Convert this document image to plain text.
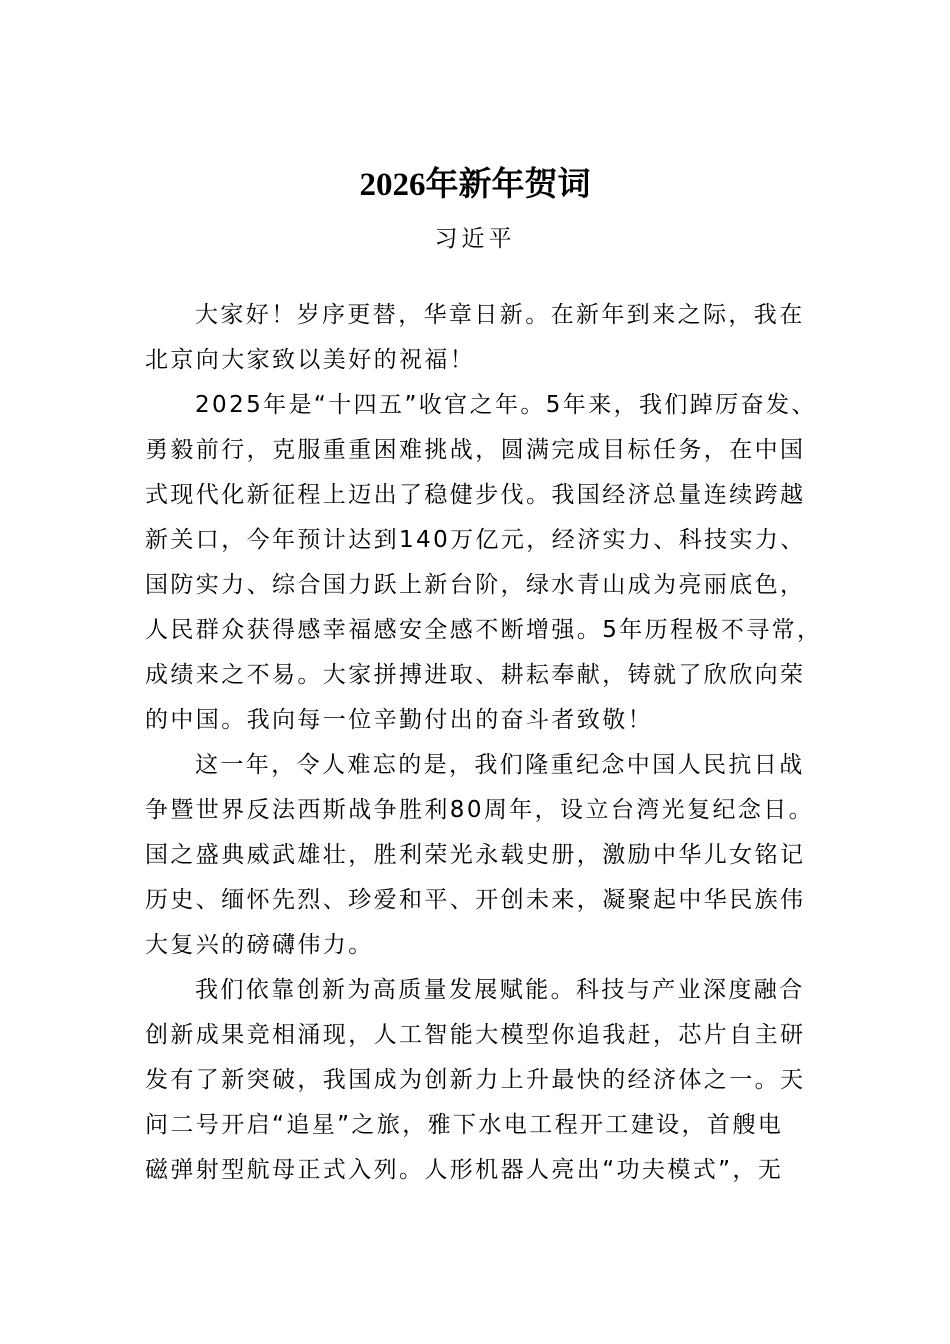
2026年新年贺词
习近平
大家好！岁序更替，华章日新。在新年到来之际，我在
北京向大家致以美好的祝福！
2025年是“十四五”收官之年。5年来，我们踔厉奋发、
勇毅前行，克服重重困难挑战，圆满完成目标任务，在中国
式现代化新征程上迈出了稳健步伐。我国经济总量连续跨越
新关口，今年预计达到140万亿元，经济实力、科技实力、
国防实力、综合国力跃上新台阶，绿水青山成为亮丽底色，
人民群众获得感幸福感安全感不断增强。5年历程极不寻常，
成绩来之不易。大家拼搏进取、耕耘奉献，铸就了欣欣向荣
的中国。我向每一位辛勤付出的奋斗者致敬！
这一年，令人难忘的是，我们隆重纪念中国人民抗日战
争暨世界反法西斯战争胜利80周年，设立台湾光复纪念日。
国之盛典威武雄壮，胜利荣光永载史册，激励中华儿女铭记
历史、缅怀先烈、珍爱和平、开创未来，凝聚起中华民族伟
大复兴的磅礴伟力。
我们依靠创新为高质量发展赋能。科技与产业深度融合
创新成果竞相涌现，人工智能大模型你追我赶，芯片自主研
发有了新突破，我国成为创新力上升最快的经济体之一。天
问二号开启“追星”之旅，雅下水电工程开工建设，首艘电
磁弹射型航母正式入列。人形机器人亮出“功夫模式”，无
